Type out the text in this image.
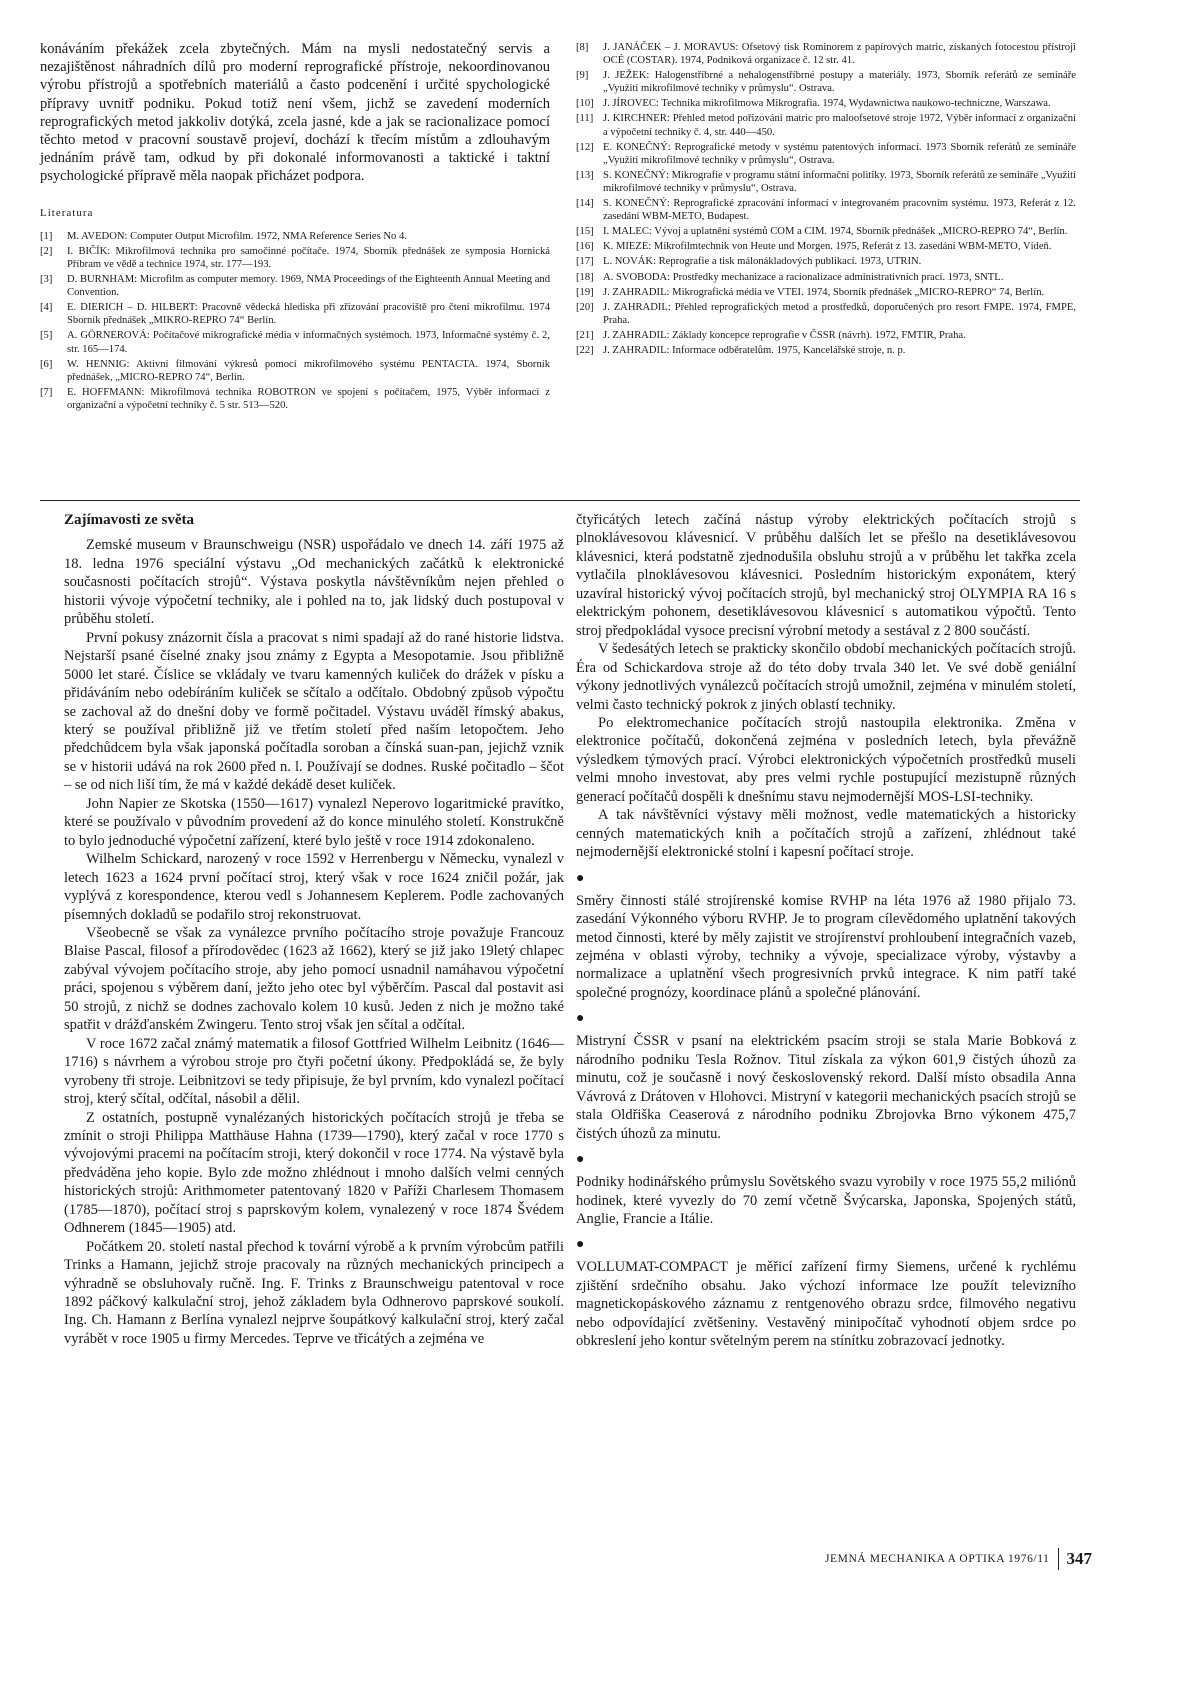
konáváním překážek zcela zbytečných. Mám na mysli nedostatečný servis a nezajištěnost náhradních dílů pro moderní reprografické přístroje, nekoordinovanou výrobu přístrojů a spotřebních materiálů a často podcenění i určité spychologické přípravy uvnitř podniku. Pokud totiž není všem, jichž se zavedení moderních reprografických metod jakkoliv dotýká, zcela jasné, kde a jak se racionalizace pomocí těchto metod v pracovní soustavě projeví, dochází k třecím místům a zdlouhavým jednáním právě tam, odkud by při dokonalé informovanosti a taktické i taktní psychologické přípravě měla naopak přicházet podpora.

Literatura
[1]	M. AVEDON: Computer Output Microfilm. 1972, NMA Reference Series No 4.
[2]	I. BIČÍK: Mikrofilmová technika pro samočinné počítače. 1974, Sborník přednášek ze symposia Hornická Příbram ve vědě a technice 1974, str. 177—193.
[3]	D. BURNHAM: Microfilm as computer memory. 1969, NMA Proceedings of the Eighteenth Annual Meeting and Convention.
[4]	E. DIERICH – D. HILBERT: Pracovně vědecká hlediska při zřizování pracoviště pro čtení mikrofilmu. 1974 Sborník přednášek „MIKRO-REPRO 74“ Berlín.
[5]	A. GÖRNEROVÁ: Počítačové mikrografické média v informačných systémoch. 1973, Informačné systémy č. 2, str. 165—174.
[6]	W. HENNIG: Aktivní filmování výkresů pomocí mikrofilmového systému PENTACTA. 1974, Sborník přednášek, „MICRO-REPRO 74“, Berlín.
[7]	E. HOFFMANN: Mikrofilmová technika ROBOTRON ve spojení s počítačem, 1975, Výběr informací z organizační a výpočetní techniky č. 5 str. 513—520.
[8]	J. JANÁČEK – J. MORAVUS: Ofsetový tisk Rominorem z papírových matric, získaných fotocestou přístroji OCÉ (COSTAR). 1974, Podniková organizace č. 12 str. 41.
[9]	J. JEŽEK: Halogenstříbrné a nehalogenstříbrné postupy a materiály. 1973, Sborník referátů ze semináře „Využití mikrofilmové techniky v průmyslu“. Ostrava.
[10] J. JÍROVEC: Technika mikrofilmowa Mikrografia. 1974, Wydawnictwa naukowo-techniczne, Warszawa.
[11] J. KIRCHNER: Přehled metod pořizování matric pro maloofsetové stroje 1972, Výběr informací z organizační a výpočetní techniky č. 4, str. 440—450.
[12] E. KONEČNÝ: Reprografické metody v systému patentových informací. 1973 Sborník referátů ze semináře „Využití mikrofilmové techniky v průmyslu“, Ostrava.
[13] S. KONEČNÝ: Mikrografie v programu státní informační politiky. 1973, Sborník referátů ze semináře „Využití mikrofilmové techniky v průmyslu“, Ostrava.
[14] S. KONEČNÝ: Reprografické zpracování informací v integrovaném pracovním systému. 1973, Referát z 12. zasedání WBM-METO, Budapest.
[15] I. MALEC: Vývoj a uplatnění systémů COM a CIM. 1974, Sborník přednášek „MICRO-REPRO 74“, Berlín.
[16] K. MIEZE: Mikrofilmtechnik von Heute und Morgen. 1975, Referát z 13. zasedání WBM-METO, Vídeň.
[17] L. NOVÁK: Reprografie a tisk málonákladových publikací. 1973, UTRIN.
[18] A. SVOBODA: Prostředky mechanizace a racionalizace administrativních prací. 1973, SNTL.
[19] J. ZAHRADIL: Mikrografická média ve VTEI. 1974, Sborník přednášek „MICRO-REPRO“ 74, Berlín.
[20] J. ZAHRADIL: Přehled reprografických metod a prostředků, doporučených pro resort FMPE. 1974, FMPE, Praha.
[21] J. ZAHRADIL: Základy koncepce reprografie v ČSSR (návrh). 1972, FMTIR, Praha.
[22] J. ZAHRADIL: Informace odběratelům. 1975, Kancelářské stroje, n. p.
Zajímavosti ze světa

Zemské museum v Braunschweigu (NSR) uspořádalo ve dnech 14. září 1975 až 18. ledna 1976 speciální výstavu „Od mechanických začátků k elektronické současnosti počítacích strojů“. Výstava poskytla návštěvníkům nejen přehled o historii vývoje výpočetní techniky, ale i pohled na to, jak lidský duch postupoval v průběhu století.

První pokusy znázornit čísla a pracovat s nimi spadají až do rané historie lidstva. Nejstarší psané číselné znaky jsou známy z Egypta a Mesopotamie. Jsou přibližně 5000 let staré. Číslice se vkládaly ve tvaru kamenných kuliček do drážek v písku a přidáváním nebo odebíráním kuliček se sčítalo a odčítalo. Obdobný způsob výpočtu se zachoval až do dnešní doby ve formě počitadel. Výstavu uváděl římský abakus, který se používal přibližně již ve třetím století před naším letopočtem. Jeho předchůdcem byla však japonská počítadla soroban a čínská suan-pan, jejichž vznik se v historii udává na rok 2600 před n. l. Používají se dodnes. Ruské počitadlo – ščot – se od nich liší tím, že má v každé dekádě deset kuliček.

John Napier ze Skotska (1550—1617) vynalezl Neperovo logaritmické pravítko, které se používalo v původním provedení až do konce minulého století. Konstrukčně to bylo jednoduché výpočetní zařízení, které bylo ještě v roce 1914 zdokonaleno.

Wilhelm Schickard, narozený v roce 1592 v Herrenbergu v Německu, vynalezl v letech 1623 a 1624 první počítací stroj, který však v roce 1624 zničil požár, jak vyplývá z korespondence, kterou vedl s Johannesem Keplerem. Podle zachovaných písemných dokladů se podařilo stroj rekonstruovat.

Všeobecně se však za vynálezce prvního počítacího stroje považuje Francouz Blaise Pascal, filosof a přírodovědec (1623 až 1662), který se již jako 19letý chlapec zabýval vývojem počítacího stroje, aby jeho pomocí usnadnil namáhavou výpočetní práci, spojenou s výběrem daní, ježto jeho otec byl výběrčím. Pascal dal postavit asi 50 strojů, z nichž se dodnes zachovalo kolem 10 kusů. Jeden z nich je možno také spatřit v drážďanském Zwingeru. Tento stroj však jen sčítal a odčítal.

V roce 1672 začal známý matematik a filosof Gottfried Wilhelm Leibnitz (1646—1716) s návrhem a výrobou stroje pro čtyři početní úkony. Předpokládá se, že byly vyrobeny tři stroje. Leibnitzovi se tedy připisuje, že byl prvním, kdo vynalezl počítací stroj, který sčítal, odčítal, násobil a dělil.

Z ostatních, postupně vynalézaných historických počítacích strojů je třeba se zmínit o stroji Philippa Matthäuse Hahna (1739—1790), který začal v roce 1770 s vývojovými pracemi na počítacím stroji, který dokončil v roce 1774. Na výstavě byla předváděna jeho kopie. Bylo zde možno zhlédnout i mnoho dalších velmi cenných historických strojů: Arithmometer patentovaný 1820 v Paříži Charlesem Thomasem (1785—1870), počítací stroj s paprskovým kolem, vynalezený v roce 1874 Švédem Odhnerem (1845—1905) atd.

Počátkem 20. století nastal přechod k tovární výrobě a k prvním výrobcům patřili Trinks a Hamann, jejichž stroje pracovaly na různých mechanických principech a výhradně se obsluhovaly ručně. Ing. F. Trinks z Braunschweigu patentoval v roce 1892 páčkový kalkulační stroj, jehož základem byla Odhnerovo paprskové soukolí. Ing. Ch. Hamann z Berlína vynalezl nejprve šoupátkový kalkulační stroj, který začal vyrábět v roce 1905 u firmy Mercedes. Teprve ve třicátých a zejména ve

čtyřicátých letech začíná nástup výroby elektrických počítacích strojů s plnoklávesovou klávesnicí. V průběhu dalších let se přešlo na desetiklávesovou klávesnici, která podstatně zjednodušila obsluhu strojů a v průběhu let takřka zcela vytlačila plnoklávesovou klávesnici. Posledním historickým exponátem, který uzavíral historický vývoj počítacích strojů, byl mechanický stroj OLYMPIA RA 16 s elektrickým pohonem, desetiklávesovou klávesnicí s automatikou výpočtů. Tento stroj předpokládal vysoce precisní výrobní metody a sestával z 2 800 součástí.

V šedesátých letech se prakticky skončilo období mechanických počítacích strojů. Éra od Schickardova stroje až do této doby trvala 340 let. Ve své době geniální výkony jednotlivých vynálezců počítacích strojů umožnil, zejména v minulém století, velmi často technický pokrok z jiných oblastí techniky.

Po elektromechanice počítacích strojů nastoupila elektronika. Změna v elektronice počítačů, dokončená zejména v posledních letech, byla převážně výsledkem týmových prací. Výrobci elektronických výpočetních prostředků museli velmi mnoho investovat, aby pres velmi rychle postupující mezistupně různých generací počítačů dospěli k dnešnímu stavu nejmodernější MOS-LSI-techniky.

A tak návštěvníci výstavy měli možnost, vedle matematických a historicky cenných matematických knih a počítačích strojů a zařízení, zhlédnout také nejmodernější elektronické stolní i kapesní počítací stroje.

●

Směry činnosti stálé strojírenské komise RVHP na léta 1976 až 1980 přijalo 73. zasedání Výkonného výboru RVHP. Je to program cílevědomého uplatnění takových metod činnosti, které by měly zajistit ve strojírenství prohloubení integračních vazeb, zejména v oblasti výroby, techniky a vývoje, specializace výroby, výstavby a normalizace a uplatnění všech progresivních prvků integrace. K nim patří také společné prognózy, koordinace plánů a společné plánování.

●

Mistryní ČSSR v psaní na elektrickém psacím stroji se stala Marie Bobková z národního podniku Tesla Rožnov. Titul získala za výkon 601,9 čistých úhozů za minutu, což je současně i nový československý rekord. Další místo obsadila Anna Vávrová z Drátoven v Hlohovci. Mistryní v kategorii mechanických psacích strojů se stala Oldřiška Ceaserová z národního podniku Zbrojovka Brno výkonem 475,7 čistých úhozů za minutu.

●

Podniky hodinářského průmyslu Sovětského svazu vyrobily v roce 1975 55,2 miliónů hodinek, které vyvezly do 70 zemí včetně Švýcarska, Japonska, Spojených států, Anglie, Francie a Itálie.

●

VOLLUMAT-COMPACT je měřicí zařízení firmy Siemens, určené k rychlému zjištění srdečního obsahu. Jako výchozí informace lze použít televizního magnetickopáskového záznamu z rentgenového obrazu srdce, filmového negativu nebo odpovídající zvětšeniny. Vestavěný minipočítač vyhodnotí objem srdce po obkreslení jeho kontur světelným perem na stínítku zobrazovací jednotky.

JEMNÁ MECHANIKA A OPTIKA 1976/11 347
